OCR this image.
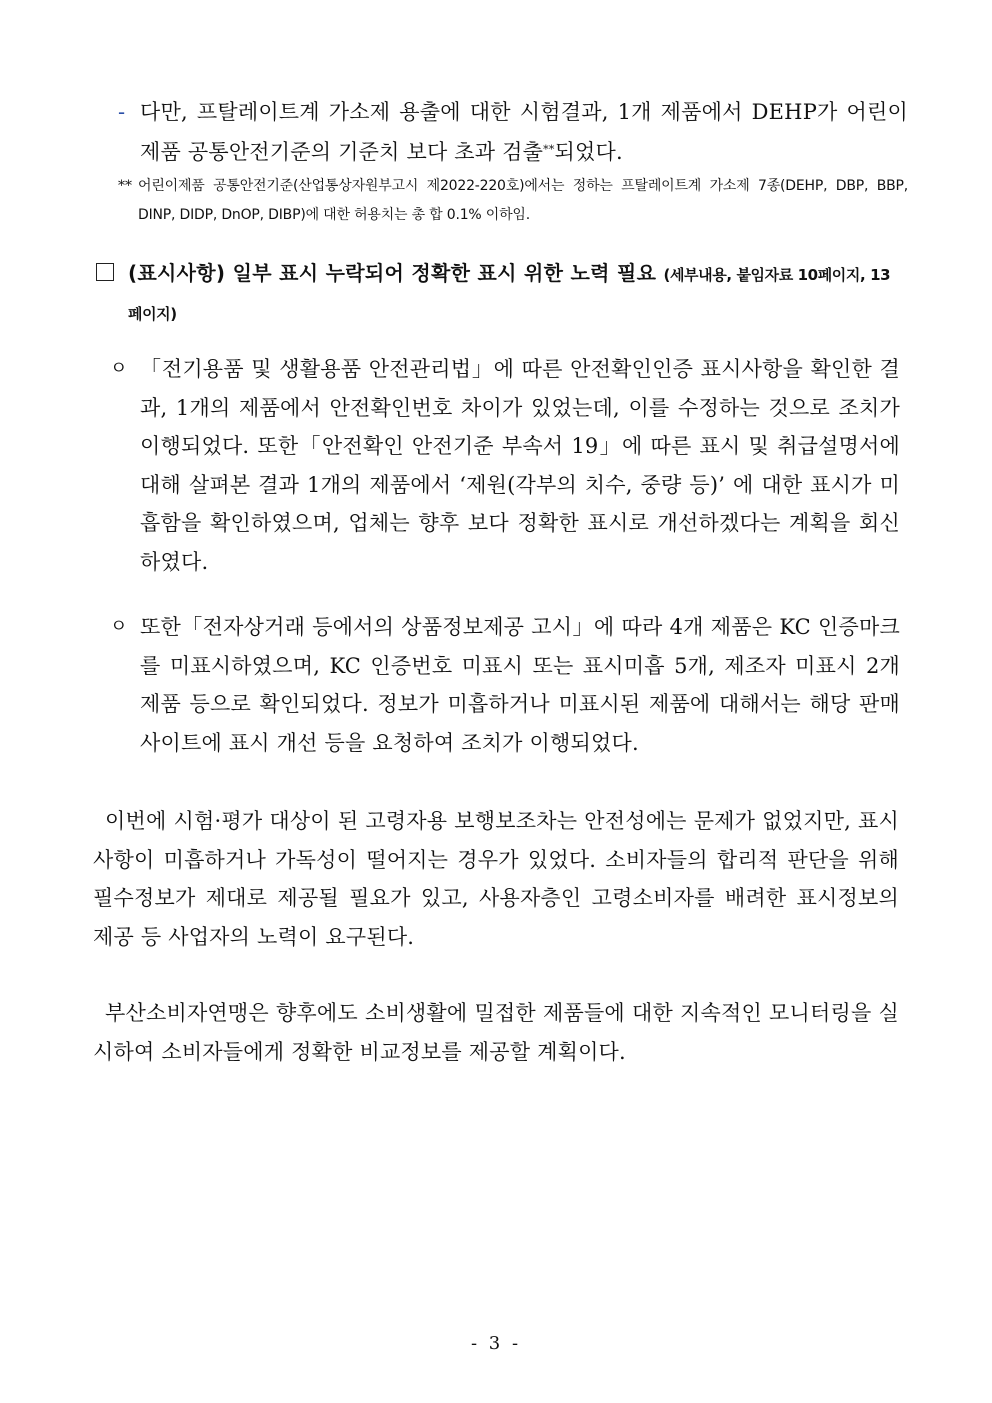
- 다만, 프탈레이트계 가소제 용출에 대한 시험결과, 1개 제품에서 DEHP가 어린이제품 공통안전기준의 기준치 보다 초과 검출**되었다.
** 어린이제품 공통안전기준(산업통상자원부고시 제2022-220호)에서는 정하는 프탈레이트계 가소제 7종(DEHP, DBP, BBP, DINP, DIDP, DnOP, DIBP)에 대한 허용치는 총 합 0.1% 이하임.
(표시사항) 일부 표시 누락되어 정확한 표시 위한 노력 필요 (세부내용, 붙임자료 10페이지, 13페이지)
ㅇ 「전기용품 및 생활용품 안전관리법」에 따른 안전확인인증 표시사항을 확인한 결과, 1개의 제품에서 안전확인번호 차이가 있었는데, 이를 수정하는 것으로 조치가 이행되었다. 또한「안전확인 안전기준 부속서 19」에 따른 표시 및 취급설명서에 대해 살펴본 결과 1개의 제품에서 ‘제원(각부의 치수, 중량 등)’ 에 대한 표시가 미흡함을 확인하였으며, 업체는 향후 보다 정확한 표시로 개선하겠다는 계획을 회신하였다.
ㅇ 또한「전자상거래 등에서의 상품정보제공 고시」에 따라 4개 제품은 KC 인증마크를 미표시하였으며, KC 인증번호 미표시 또는 표시미흡 5개, 제조자 미표시 2개 제품 등으로 확인되었다. 정보가 미흡하거나 미표시된 제품에 대해서는 해당 판매사이트에 표시 개선 등을 요청하여 조치가 이행되었다.
이번에 시험·평가 대상이 된 고령자용 보행보조차는 안전성에는 문제가 없었지만, 표시사항이 미흡하거나 가독성이 떨어지는 경우가 있었다. 소비자들의 합리적 판단을 위해 필수정보가 제대로 제공될 필요가 있고, 사용자층인 고령소비자를 배려한 표시정보의 제공 등 사업자의 노력이 요구된다.
부산소비자연맹은 향후에도 소비생활에 밀접한 제품들에 대한 지속적인 모니터링을 실시하여 소비자들에게 정확한 비교정보를 제공할 계획이다.
- 3 -
